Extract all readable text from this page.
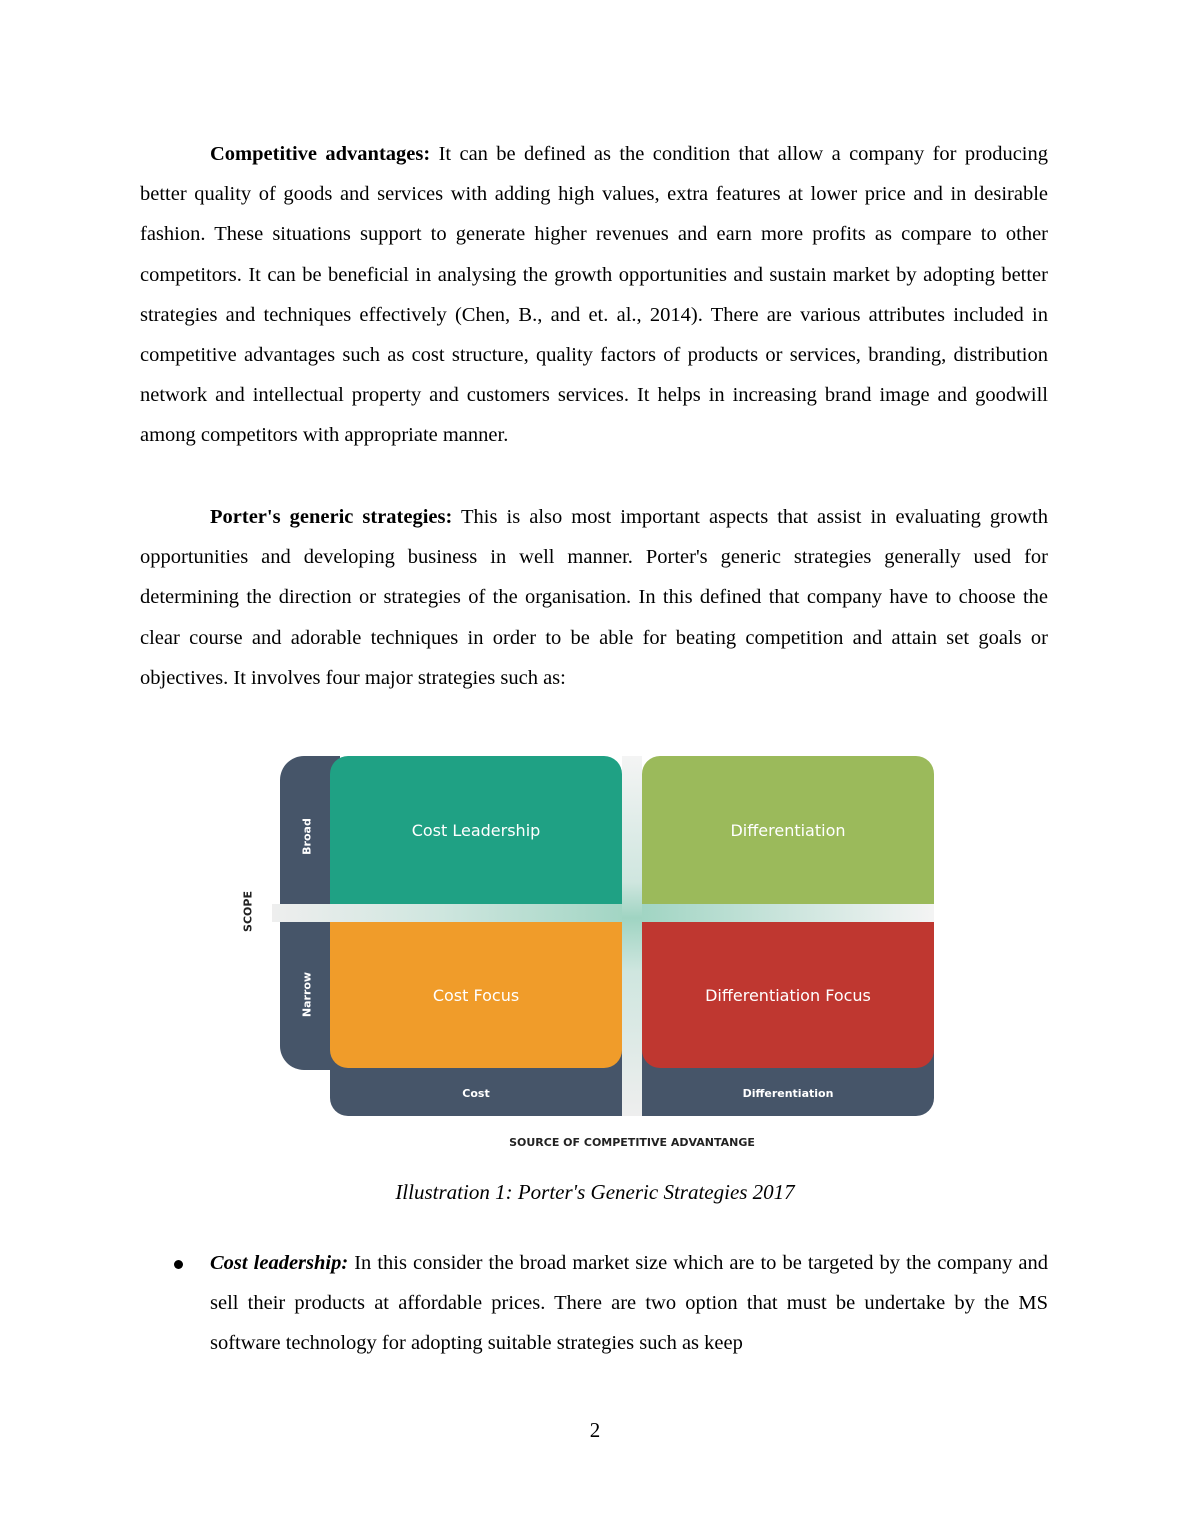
Competitive advantages: It can be defined as the condition that allow a company for producing better quality of goods and services with adding high values, extra features at lower price and in desirable fashion. These situations support to generate higher revenues and earn more profits as compare to other competitors. It can be beneficial in analysing the growth opportunities and sustain market by adopting better strategies and techniques effectively (Chen, B., and et. al., 2014). There are various attributes included in competitive advantages such as cost structure, quality factors of products or services, branding, distribution network and intellectual property and customers services. It helps in increasing brand image and goodwill among competitors with appropriate manner.

Porter's generic strategies: This is also most important aspects that assist in evaluating growth opportunities and developing business in well manner. Porter's generic strategies generally used for determining the direction or strategies of the organisation. In this defined that company have to choose the clear course and adorable techniques in order to be able for beating competition and attain set goals or objectives. It involves four major strategies such as:

SCOPE
Broad
Narrow
Cost	Differentiation
Cost Leadership	Differentiation
Cost Focus	Differentiation Focus
SOURCE OF COMPETITIVE ADVANTANGE
Illustration 1: Porter's Generic Strategies 2017

Cost leadership: In this consider the broad market size which are to be targeted by the company and sell their products at affordable prices. There are two option that must be undertake by the MS software technology for adopting suitable strategies such as keep

2
